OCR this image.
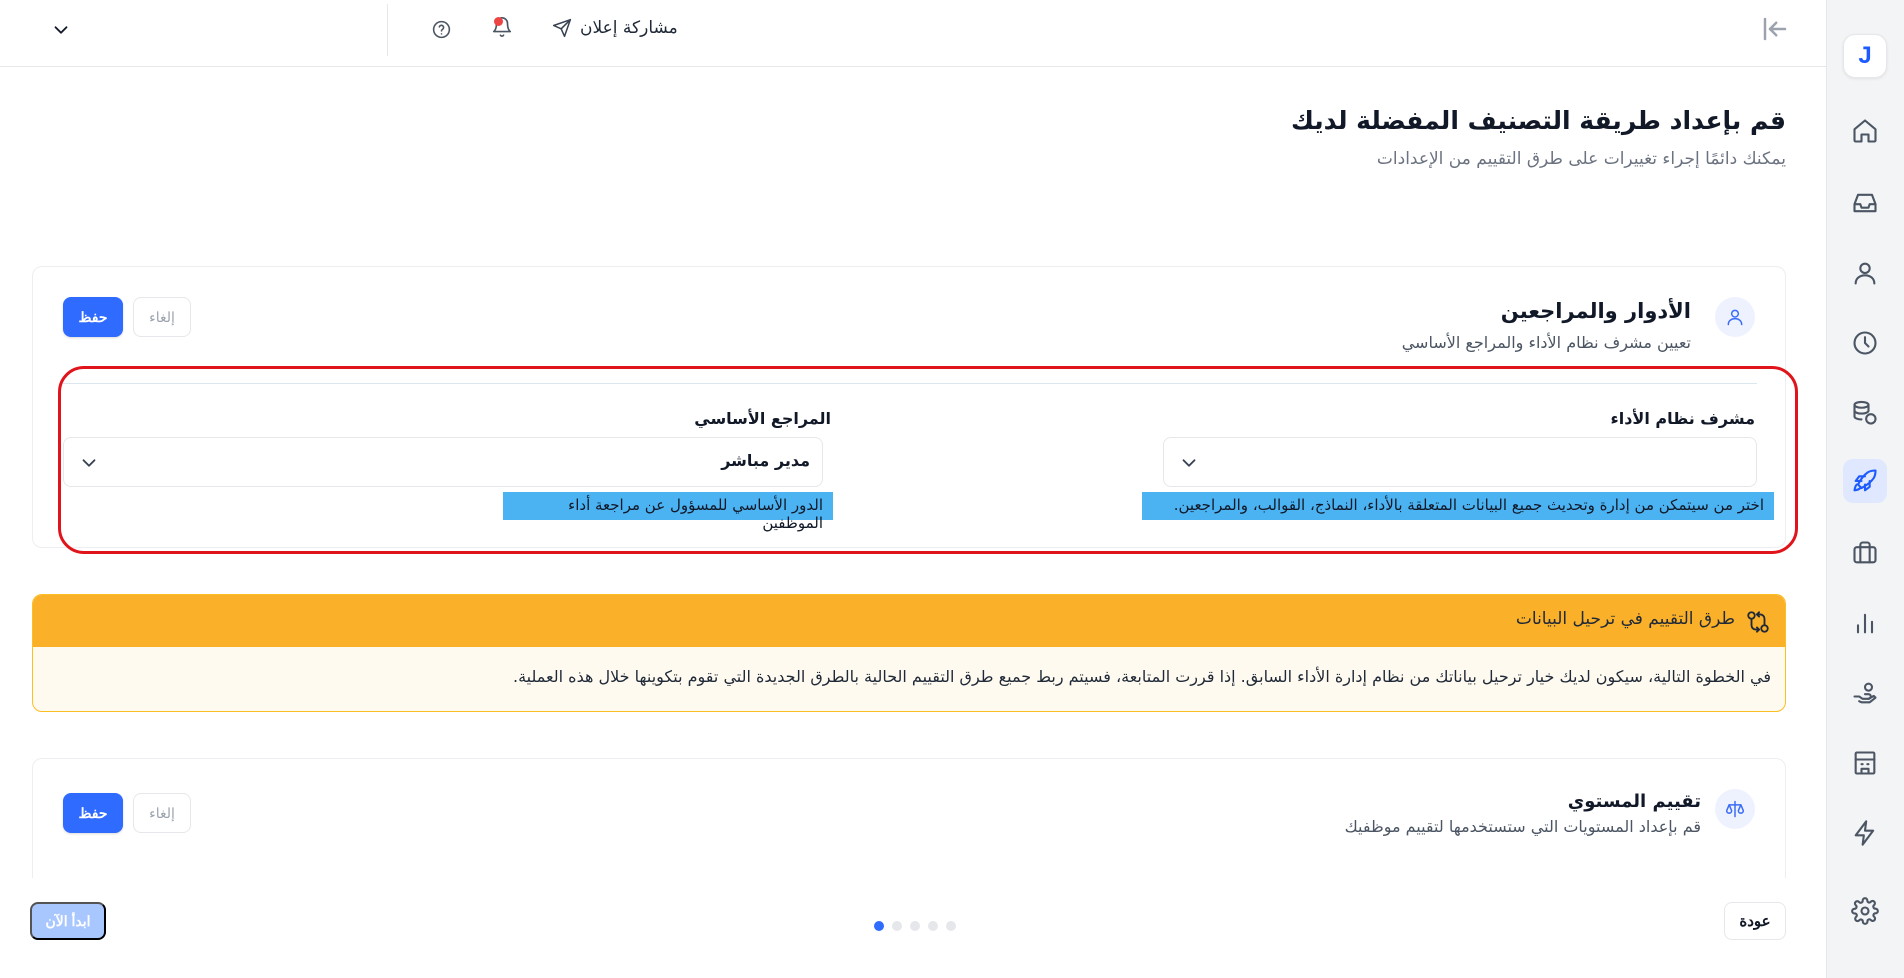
J
مشاركة إعلان
قم بإعداد طريقة التصنيف المفضلة لديك

يمكنك دائمًا إجراء تغييرات على طرق التقييم من الإعدادات

الأدوار والمراجعين
تعيين مشرف نظام الأداء والمراجع الأساسي
إلغاء
حفظ
مشرف نظام الأداء
اختر من سيتمكن من إدارة وتحديث جميع البيانات المتعلقة بالأداء، النماذج، القوالب، والمراجعين.
المراجع الأساسي
مدير مباشر
الدور الأساسي للمسؤول عن مراجعة أداء الموظفين
طرق التقييم في ترحيل البيانات
في الخطوة التالية، سيكون لديك خيار ترحيل بياناتك من نظام إدارة الأداء السابق. إذا قررت المتابعة، فسيتم ربط جميع طرق التقييم الحالية بالطرق الجديدة التي تقوم بتكوينها خلال هذه العملية.
تقييم المستوي
قم بإعداد المستويات التي ستستخدمها لتقييم موظفيك
إلغاء
حفظ
عودة
ابدأ الآن
